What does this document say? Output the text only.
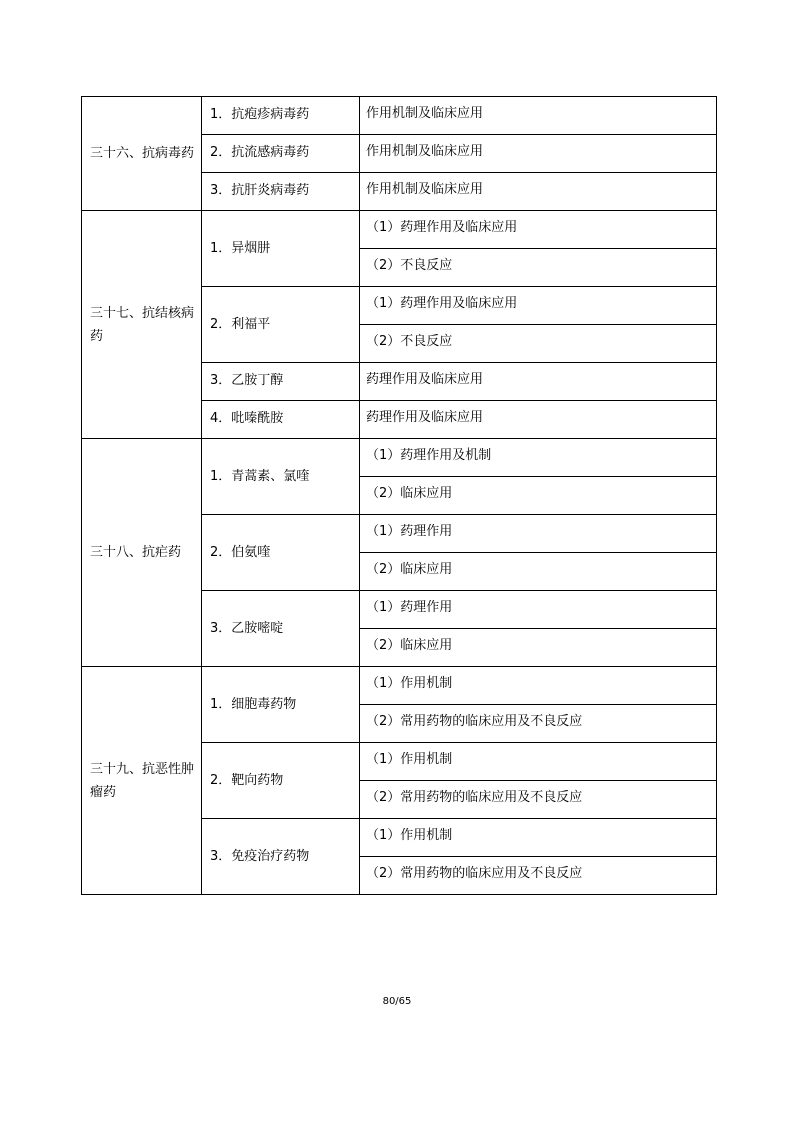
三十六、抗病毒药	1．抗疱疹病毒药	作用机制及临床应用
	2．抗流感病毒药	作用机制及临床应用
	3．抗肝炎病毒药	作用机制及临床应用
三十七、抗结核病药	1．异烟肼	（1）药理作用及临床应用
		（2）不良反应
	2．利福平	（1）药理作用及临床应用
		（2）不良反应
	3．乙胺丁醇	药理作用及临床应用
	4．吡嗪酰胺	药理作用及临床应用
三十八、抗疟药	1．青蒿素、氯喹	（1）药理作用及机制
		（2）临床应用
	2．伯氨喹	（1）药理作用
		（2）临床应用
	3．乙胺嘧啶	（1）药理作用
		（2）临床应用
三十九、抗恶性肿瘤药	1．细胞毒药物	（1）作用机制
		（2）常用药物的临床应用及不良反应
	2．靶向药物	（1）作用机制
		（2）常用药物的临床应用及不良反应
	3．免疫治疗药物	（1）作用机制
		（2）常用药物的临床应用及不良反应
80/65
